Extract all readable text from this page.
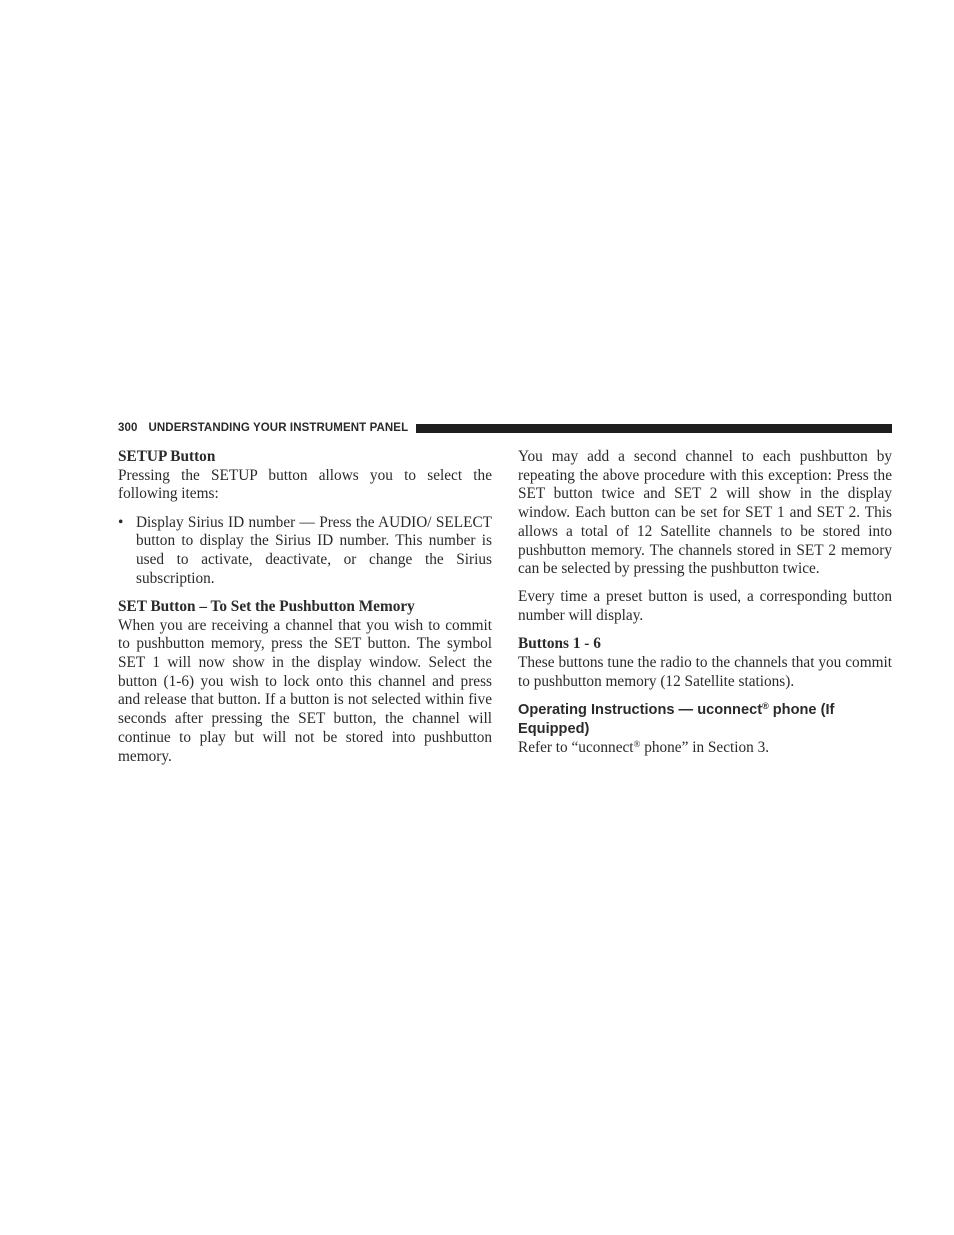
300 UNDERSTANDING YOUR INSTRUMENT PANEL
SETUP Button

Pressing the SETUP button allows you to select the following items:

• Display Sirius ID number — Press the AUDIO/ SELECT button to display the Sirius ID number. This number is used to activate, deactivate, or change the Sirius subscription.
SET Button – To Set the Pushbutton Memory

When you are receiving a channel that you wish to commit to pushbutton memory, press the SET button. The symbol SET 1 will now show in the display window. Select the button (1-6) you wish to lock onto this channel and press and release that button. If a button is not selected within five seconds after pressing the SET button, the channel will continue to play but will not be stored into pushbutton memory.

You may add a second channel to each pushbutton by repeating the above procedure with this exception: Press the SET button twice and SET 2 will show in the display window. Each button can be set for SET 1 and SET 2. This allows a total of 12 Satellite channels to be stored into pushbutton memory. The channels stored in SET 2 memory can be selected by pressing the pushbutton twice.

Every time a preset button is used, a corresponding button number will display.

Buttons 1 - 6

These buttons tune the radio to the channels that you commit to pushbutton memory (12 Satellite stations).

Operating Instructions — uconnect® phone (If Equipped)

Refer to “uconnect® phone” in Section 3.
